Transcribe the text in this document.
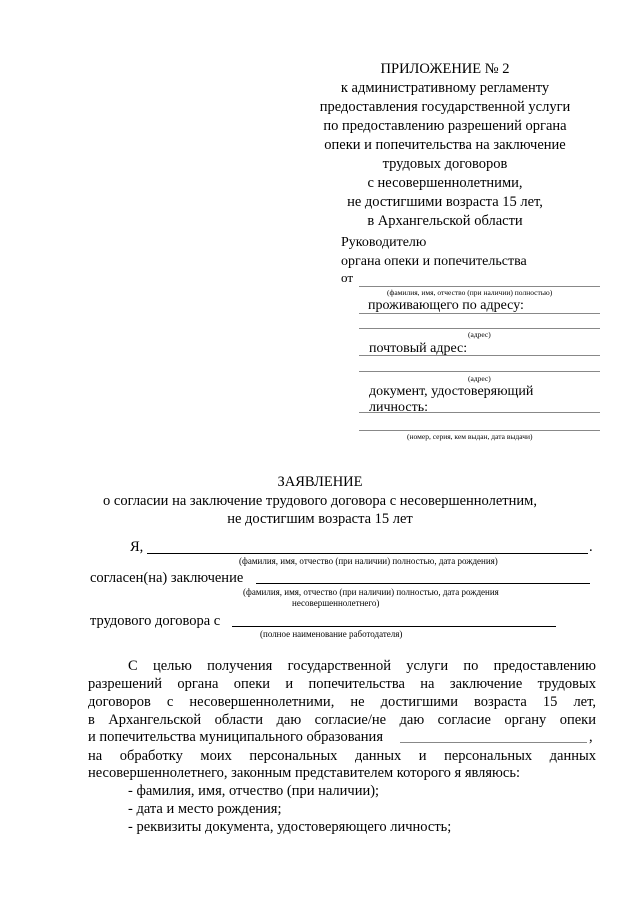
ПРИЛОЖЕНИЕ № 2
к административному регламенту
предоставления государственной услуги
по предоставлению разрешений органа
опеки и попечительства на заключение
трудовых договоров
с несовершеннолетними,
не достигшими возраста 15 лет,
в Архангельской области
Руководителю
органа опеки и попечительства
от
(фамилия, имя, отчество (при наличии) полностью)
проживающего по адресу:
(адрес)
почтовый адрес:
(адрес)
документ, удостоверяющий
личность:
(номер, серия, кем выдан, дата выдачи)
ЗАЯВЛЕНИЕ
о согласии на заключение трудового договора с несовершеннолетним,
не достигшим возраста 15 лет
Я,	.
(фамилия, имя, отчество (при наличии) полностью, дата рождения)
согласен(на) заключение
(фамилия, имя, отчество (при наличии) полностью, дата рождения
несовершеннолетнего)
трудового договора с
(полное наименование работодателя)
С целью получения государственной услуги по предоставлению
разрешений органа опеки и попечительства на заключение трудовых
договоров с несовершеннолетними, не достигшими возраста 15 лет,
в Архангельской области даю согласие/не даю согласие органу опеки
и попечительства муниципального образования	,
на обработку моих персональных данных и персональных данных
несовершеннолетнего, законным представителем которого я являюсь:
- фамилия, имя, отчество (при наличии);
- дата и место рождения;
- реквизиты документа, удостоверяющего личность;
